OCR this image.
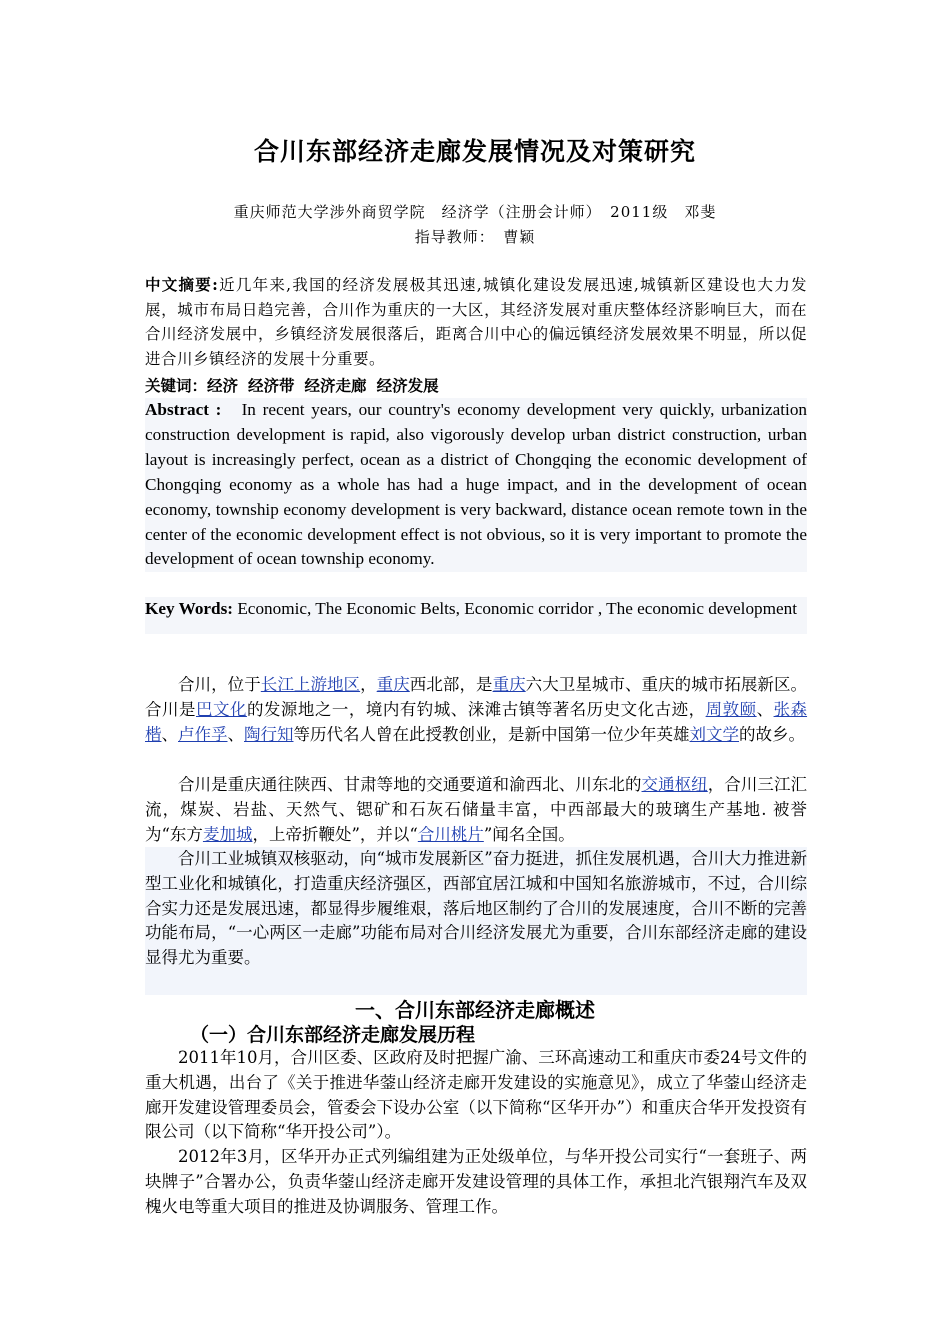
合川东部经济走廊发展情况及对策研究
重庆师范大学涉外商贸学院　经济学（注册会计师）　2011级　邓斐
指导教师：　曹颖
中文摘要:近几年来,我国的经济发展极其迅速,城镇化建设发展迅速,城镇新区建设也大力发展，城市布局日趋完善，合川作为重庆的一大区，其经济发展对重庆整体经济影响巨大，而在合川经济发展中，乡镇经济发展很落后，距离合川中心的偏远镇经济发展效果不明显，所以促进合川乡镇经济的发展十分重要。
关键词：经济 经济带 经济走廊 经济发展
Abstract : In recent years, our country's economy development very quickly, urbanization construction development is rapid, also vigorously develop urban district construction, urban layout is increasingly perfect, ocean as a district of Chongqing the economic development of Chongqing economy as a whole has had a huge impact, and in the development of ocean economy, township economy development is very backward, distance ocean remote town in the center of the economic development effect is not obvious, so it is very important to promote the development of ocean township economy.
Key Words: Economic, The Economic Belts, Economic corridor , The economic development

合川，位于长江上游地区，重庆西北部，是重庆六大卫星城市、重庆的城市拓展新区。合川是巴文化的发源地之一，境内有钓城、涞滩古镇等著名历史文化古迹，周敦颐、张森楷、卢作孚、陶行知等历代名人曾在此授教创业，是新中国第一位少年英雄刘文学的故乡。

合川是重庆通往陕西、甘肃等地的交通要道和渝西北、川东北的交通枢纽，合川三江汇流，煤炭、岩盐、天然气、锶矿和石灰石储量丰富，中西部最大的玻璃生产基地. 被誉为“东方麦加城，上帝折鞭处”，并以“合川桃片”闻名全国。

合川工业城镇双核驱动，向“城市发展新区”奋力挺进，抓住发展机遇，合川大力推进新型工业化和城镇化，打造重庆经济强区，西部宜居江城和中国知名旅游城市，不过，合川综合实力还是发展迅速，都显得步履维艰，落后地区制约了合川的发展速度，合川不断的完善功能布局，“一心两区一走廊”功能布局对合川经济发展尤为重要，合川东部经济走廊的建设显得尤为重要。

一、合川东部经济走廊概述
（一）合川东部经济走廊发展历程

2011年10月，合川区委、区政府及时把握广渝、三环高速动工和重庆市委24号文件的重大机遇，出台了《关于推进华蓥山经济走廊开发建设的实施意见》，成立了华蓥山经济走廊开发建设管理委员会，管委会下设办公室（以下简称“区华开办”）和重庆合华开发投资有限公司（以下简称“华开投公司”）。

2012年3月，区华开办正式列编组建为正处级单位，与华开投公司实行“一套班子、两块牌子”合署办公，负责华蓥山经济走廊开发建设管理的具体工作，承担北汽银翔汽车及双槐火电等重大项目的推进及协调服务、管理工作。
